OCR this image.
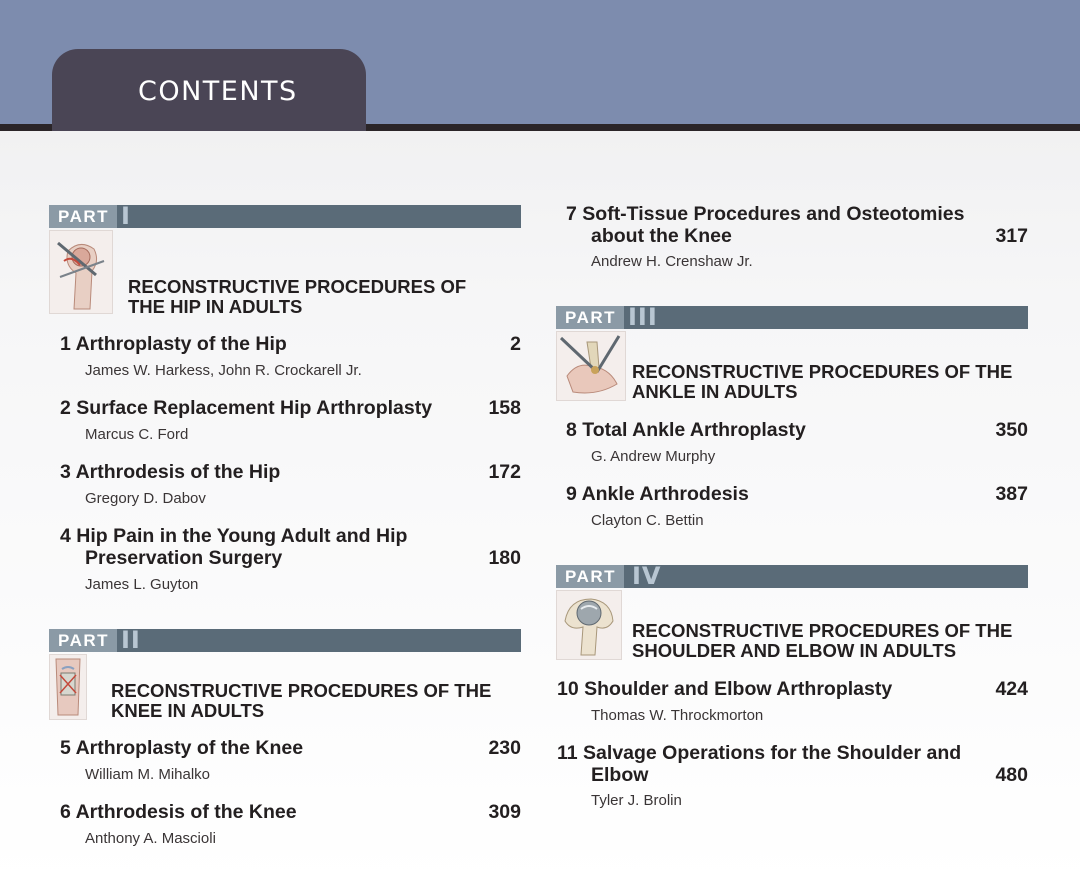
CONTENTS
PART I
RECONSTRUCTIVE PROCEDURES OF
THE HIP IN ADULTS
1 Arthroplasty of the Hip	2
James W. Harkess, John R. Crockarell Jr.
2 Surface Replacement Hip Arthroplasty	158
Marcus C. Ford
3 Arthrodesis of the Hip	172
Gregory D. Dabov
4 Hip Pain in the Young Adult and Hip
Preservation Surgery	180
James L. Guyton
PART II
RECONSTRUCTIVE PROCEDURES OF THE
KNEE IN ADULTS
5 Arthroplasty of the Knee	230
William M. Mihalko
6 Arthrodesis of the Knee	309
Anthony A. Mascioli
7 Soft-Tissue Procedures and Osteotomies
about the Knee	317
Andrew H. Crenshaw Jr.
PART III
RECONSTRUCTIVE PROCEDURES OF THE
ANKLE IN ADULTS
8 Total Ankle Arthroplasty	350
G. Andrew Murphy
9 Ankle Arthrodesis	387
Clayton C. Bettin
PART IV
RECONSTRUCTIVE PROCEDURES OF THE
SHOULDER AND ELBOW IN ADULTS
10 Shoulder and Elbow Arthroplasty	424
Thomas W. Throckmorton
11 Salvage Operations for the Shoulder and
Elbow	480
Tyler J. Brolin
